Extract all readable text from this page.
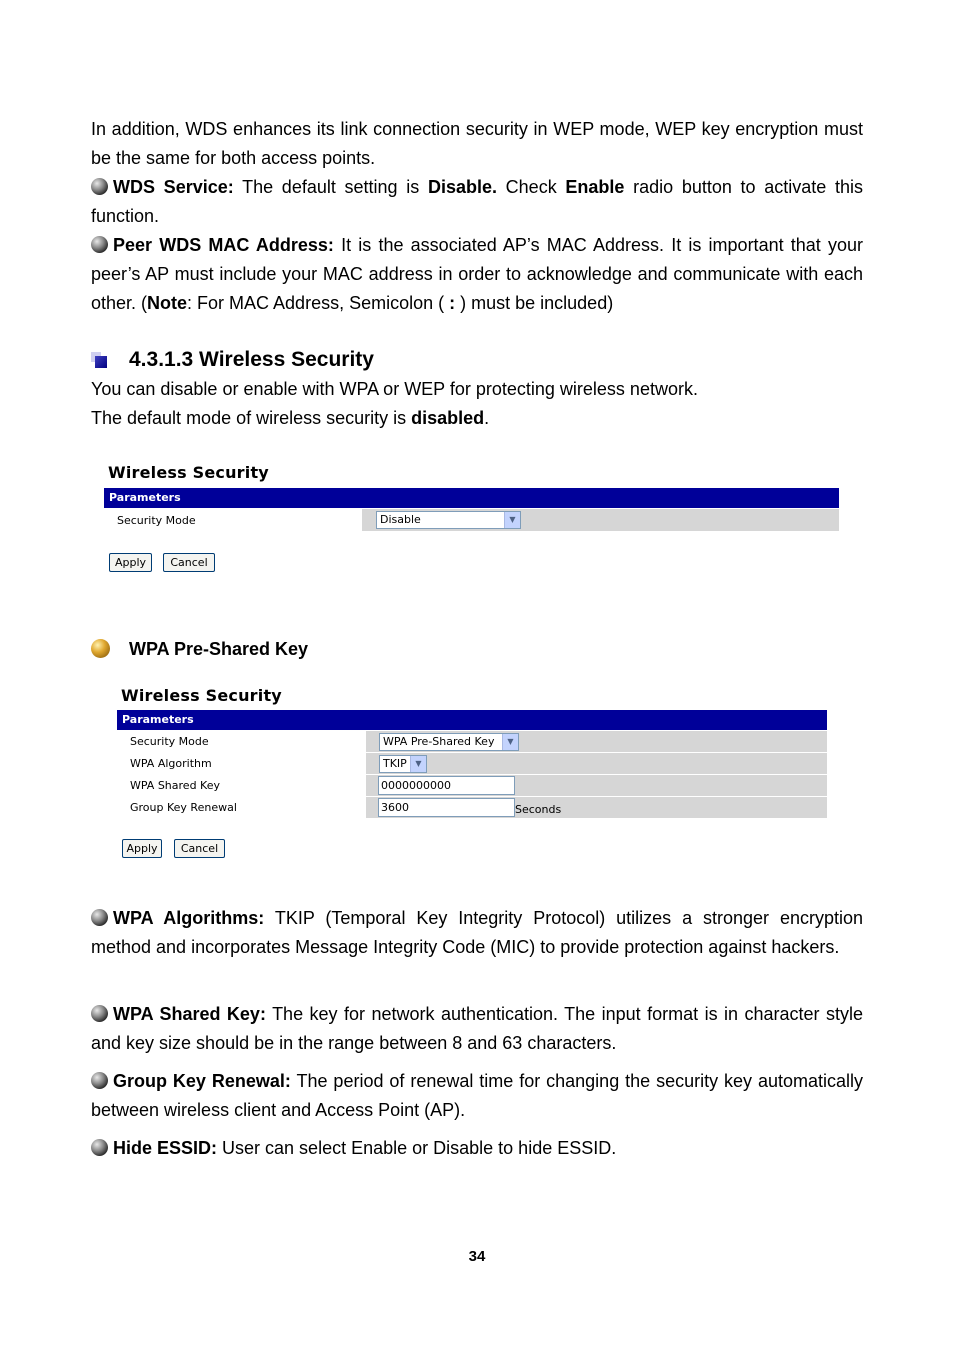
In addition, WDS enhances its link connection security in WEP mode, WEP key encryption must be the same for both access points.

WDS Service: The default setting is Disable. Check Enable radio button to activate this function.

Peer WDS MAC Address: It is the associated AP’s MAC Address. It is important that your peer’s AP must include your MAC address in order to acknowledge and communicate with each other. (Note: For MAC Address, Semicolon ( : ) must be included)

4.3.1.3 Wireless Security

You can disable or enable with WPA or WEP for protecting wireless network.

The default mode of wireless security is disabled.

Wireless Security
Parameters
Security Mode	Disable	▼
Apply	Cancel
WPA Pre-Shared Key
Wireless Security
Parameters
Security Mode	WPA Pre-Shared Key	▼
WPA Algorithm	TKIP	▼
WPA Shared Key	0000000000
Group Key Renewal	3600	Seconds
Apply	Cancel

WPA Algorithms: TKIP (Temporal Key Integrity Protocol) utilizes a stronger encryption method and incorporates Message Integrity Code (MIC) to provide protection against hackers.

WPA Shared Key: The key for network authentication. The input format is in character style and key size should be in the range between 8 and 63 characters.

Group Key Renewal: The period of renewal time for changing the security key automatically between wireless client and Access Point (AP).

Hide ESSID: User can select Enable or Disable to hide ESSID.

34
